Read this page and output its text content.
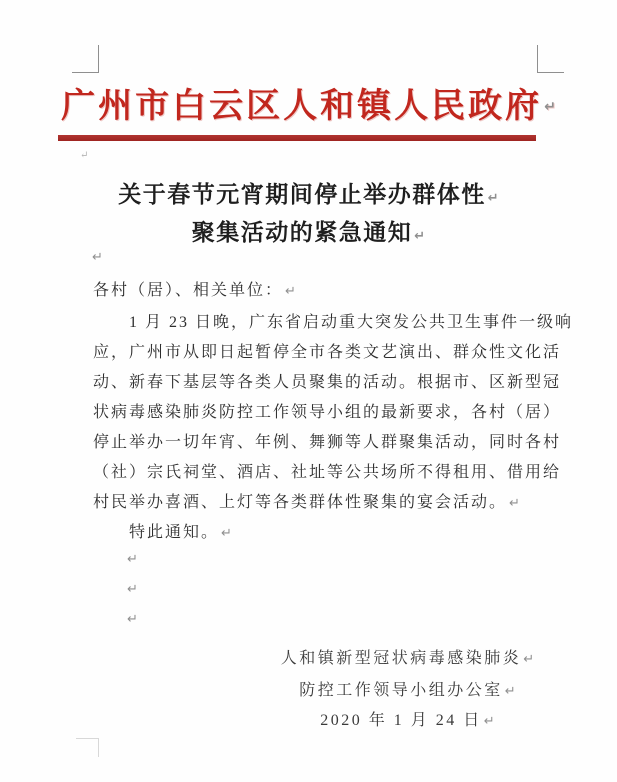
广州市白云区人和镇人民政府 ↵
↵
关于春节元宵期间停止举办群体性 ↵
聚集活动的紧急通知 ↵
↵
各村（居）、相关单位： ↵
1 月 23 日晚，广东省启动重大突发公共卫生事件一级响
应，广州市从即日起暂停全市各类文艺演出、群众性文化活
动、新春下基层等各类人员聚集的活动。根据市、区新型冠
状病毒感染肺炎防控工作领导小组的最新要求，各村（居）
停止举办一切年宵、年例、舞狮等人群聚集活动，同时各村
（社）宗氏祠堂、酒店、社址等公共场所不得租用、借用给
村民举办喜酒、上灯等各类群体性聚集的宴会活动。 ↵
特此通知。 ↵
↵
↵
↵
人和镇新型冠状病毒感染肺炎 ↵
防控工作领导小组办公室 ↵
2020 年 1 月 24 日 ↵
